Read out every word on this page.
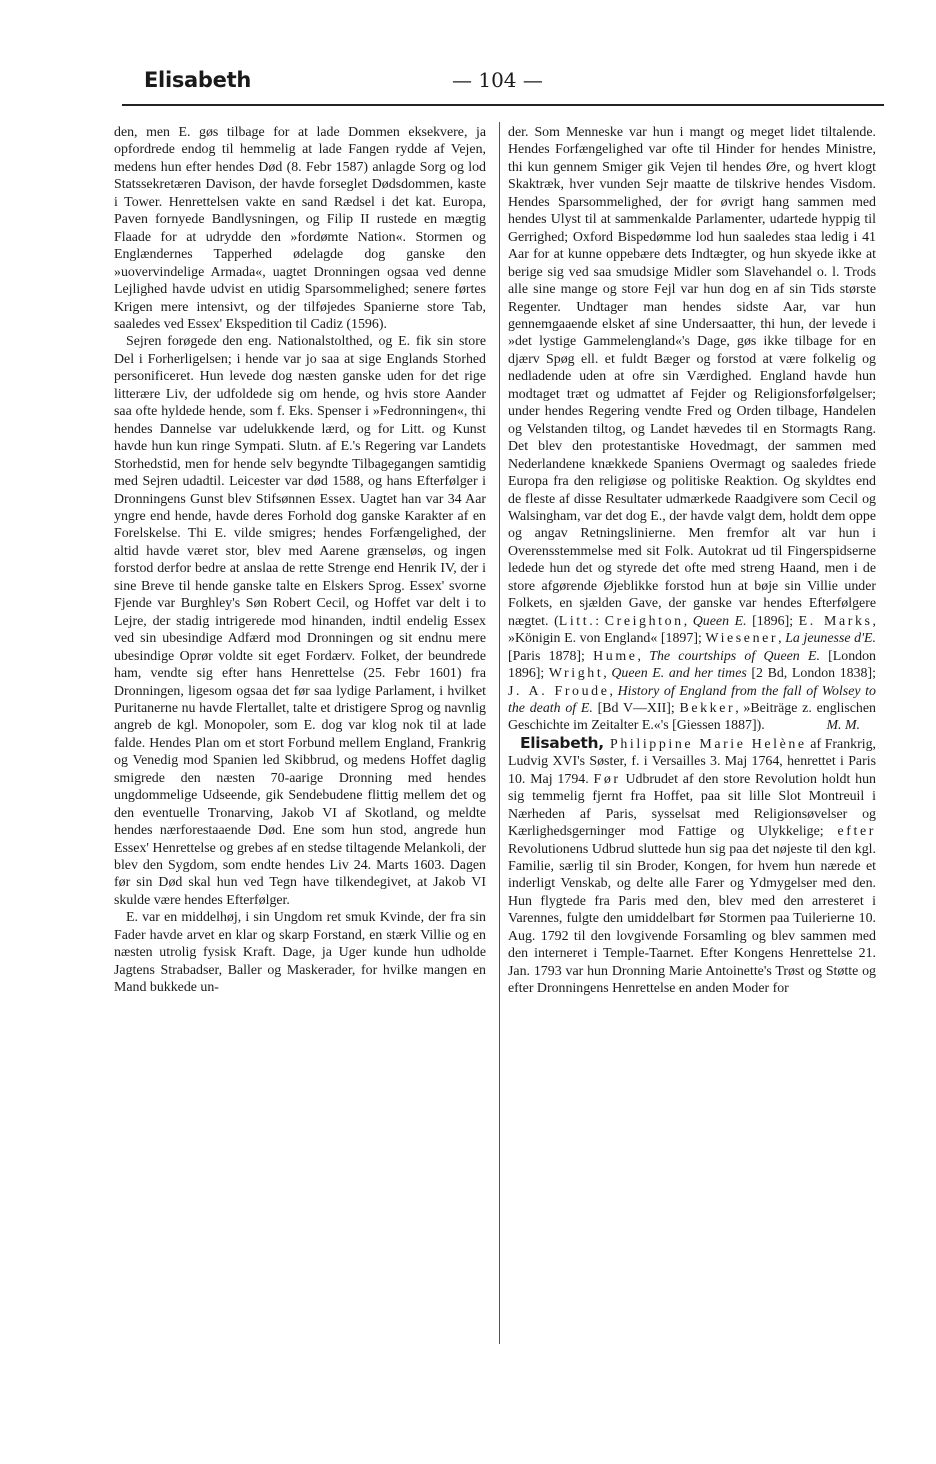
Elisabeth	— 104 —

den, men E. gøs tilbage for at lade Dommen eksekvere, ja opfordrede endog til hemmelig at lade Fangen rydde af Vejen, medens hun efter hendes Død (8. Febr 1587) anlagde Sorg og lod Statssekretæren Davison, der havde forseglet Dødsdommen, kaste i Tower. Henrettelsen vakte en sand Rædsel i det kat. Europa, Paven fornyede Bandlysningen, og Filip II rustede en mægtig Flaade for at udrydde den »fordømte Nation«. Stormen og Englændernes Tapperhed ødelagde dog ganske den »uovervindelige Armada«, uagtet Dronningen ogsaa ved denne Lejlighed havde udvist en utidig Sparsommelighed; senere førtes Krigen mere intensivt, og der tilføjedes Spanierne store Tab, saaledes ved Essex' Ekspedition til Cadiz (1596).

Sejren forøgede den eng. Nationalstolthed, og E. fik sin store Del i Forherligelsen; i hende var jo saa at sige Englands Storhed personificeret. Hun levede dog næsten ganske uden for det rige litterære Liv, der udfoldede sig om hende, og hvis store Aander saa ofte hyldede hende, som f. Eks. Spenser i »Fedronningen«, thi hendes Dannelse var udelukkende lærd, og for Litt. og Kunst havde hun kun ringe Sympati. Slutn. af E.'s Regering var Landets Storhedstid, men for hende selv begyndte Tilbagegangen samtidig med Sejren udadtil. Leicester var død 1588, og hans Efterfølger i Dronningens Gunst blev Stifsønnen Essex. Uagtet han var 34 Aar yngre end hende, havde deres Forhold dog ganske Karakter af en Forelskelse. Thi E. vilde smigres; hendes Forfængelighed, der altid havde været stor, blev med Aarene grænseløs, og ingen forstod derfor bedre at anslaa de rette Strenge end Henrik IV, der i sine Breve til hende ganske talte en Elskers Sprog. Essex' svorne Fjende var Burghley's Søn Robert Cecil, og Hoffet var delt i to Lejre, der stadig intrigerede mod hinanden, indtil endelig Essex ved sin ubesindige Adfærd mod Dronningen og sit endnu mere ubesindige Oprør voldte sit eget Fordærv. Folket, der beundrede ham, vendte sig efter hans Henrettelse (25. Febr 1601) fra Dronningen, ligesom ogsaa det før saa lydige Parlament, i hvilket Puritanerne nu havde Flertallet, talte et dristigere Sprog og navnlig angreb de kgl. Monopoler, som E. dog var klog nok til at lade falde. Hendes Plan om et stort Forbund mellem England, Frankrig og Venedig mod Spanien led Skibbrud, og medens Hoffet daglig smigrede den næsten 70-aarige Dronning med hendes ungdommelige Udseende, gik Sendebudene flittig mellem det og den eventuelle Tronarving, Jakob VI af Skotland, og meldte hendes nærforestaaende Død. Ene som hun stod, angrede hun Essex' Henrettelse og grebes af en stedse tiltagende Melankoli, der blev den Sygdom, som endte hendes Liv 24. Marts 1603. Dagen før sin Død skal hun ved Tegn have tilkendegivet, at Jakob VI skulde være hendes Efterfølger.

E. var en middelhøj, i sin Ungdom ret smuk Kvinde, der fra sin Fader havde arvet en klar og skarp Forstand, en stærk Villie og en næsten utrolig fysisk Kraft. Dage, ja Uger kunde hun udholde Jagtens Strabadser, Baller og Maskerader, for hvilke mangen en Mand bukkede un-

der. Som Menneske var hun i mangt og meget lidet tiltalende. Hendes Forfængelighed var ofte til Hinder for hendes Ministre, thi kun gennem Smiger gik Vejen til hendes Øre, og hvert klogt Skaktræk, hver vunden Sejr maatte de tilskrive hendes Visdom. Hendes Sparsommelighed, der for øvrigt hang sammen med hendes Ulyst til at sammenkalde Parlamenter, udartede hyppig til Gerrighed; Oxford Bispedømme lod hun saaledes staa ledig i 41 Aar for at kunne oppebære dets Indtægter, og hun skyede ikke at berige sig ved saa smudsige Midler som Slavehandel o. l. Trods alle sine mange og store Fejl var hun dog en af sin Tids største Regenter. Undtager man hendes sidste Aar, var hun gennemgaaende elsket af sine Undersaatter, thi hun, der levede i »det lystige Gammelengland«'s Dage, gøs ikke tilbage for en djærv Spøg ell. et fuldt Bæger og forstod at være folkelig og nedladende uden at ofre sin Værdighed. England havde hun modtaget træt og udmattet af Fejder og Religionsforfølgelser; under hendes Regering vendte Fred og Orden tilbage, Handelen og Velstanden tiltog, og Landet hævedes til en Stormagts Rang. Det blev den protestantiske Hovedmagt, der sammen med Nederlandene knækkede Spaniens Overmagt og saaledes friede Europa fra den religiøse og politiske Reaktion. Og skyldtes end de fleste af disse Resultater udmærkede Raadgivere som Cecil og Walsingham, var det dog E., der havde valgt dem, holdt dem oppe og angav Retningslinierne. Men fremfor alt var hun i Overensstemmelse med sit Folk. Autokrat ud til Fingerspidserne ledede hun det og styrede det ofte med streng Haand, men i de store afgørende Øjeblikke forstod hun at bøje sin Villie under Folkets, en sjælden Gave, der ganske var hendes Efterfølgere nægtet. (Litt.: Creighton, Queen E. [1896]; E. Marks, »Königin E. von England« [1897]; Wiesener, La jeunesse d'E. [Paris 1878]; Hume, The courtships of Queen E. [London 1896]; Wright, Queen E. and her times [2 Bd, London 1838]; J. A. Froude, History of England from the fall of Wolsey to the death of E. [Bd V—XII]; Bekker, »Beiträge z. englischen Geschichte im Zeitalter E.«'s [Giessen 1887]).	M. M.

Elisabeth, Philippine Marie Helène af Frankrig, Ludvig XVI's Søster, f. i Versailles 3. Maj 1764, henrettet i Paris 10. Maj 1794. Før Udbrudet af den store Revolution holdt hun sig temmelig fjernt fra Hoffet, paa sit lille Slot Montreuil i Nærheden af Paris, sysselsat med Religionsøvelser og Kærlighedsgerninger mod Fattige og Ulykkelige; efter Revolutionens Udbrud sluttede hun sig paa det nøjeste til den kgl. Familie, særlig til sin Broder, Kongen, for hvem hun nærede et inderligt Venskab, og delte alle Farer og Ydmygelser med den. Hun flygtede fra Paris med den, blev med den arresteret i Varennes, fulgte den umiddelbart før Stormen paa Tuilerierne 10. Aug. 1792 til den lovgivende Forsamling og blev sammen med den interneret i Temple-Taarnet. Efter Kongens Henrettelse 21. Jan. 1793 var hun Dronning Marie Antoinette's Trøst og Støtte og efter Dronningens Henrettelse en anden Moder for
